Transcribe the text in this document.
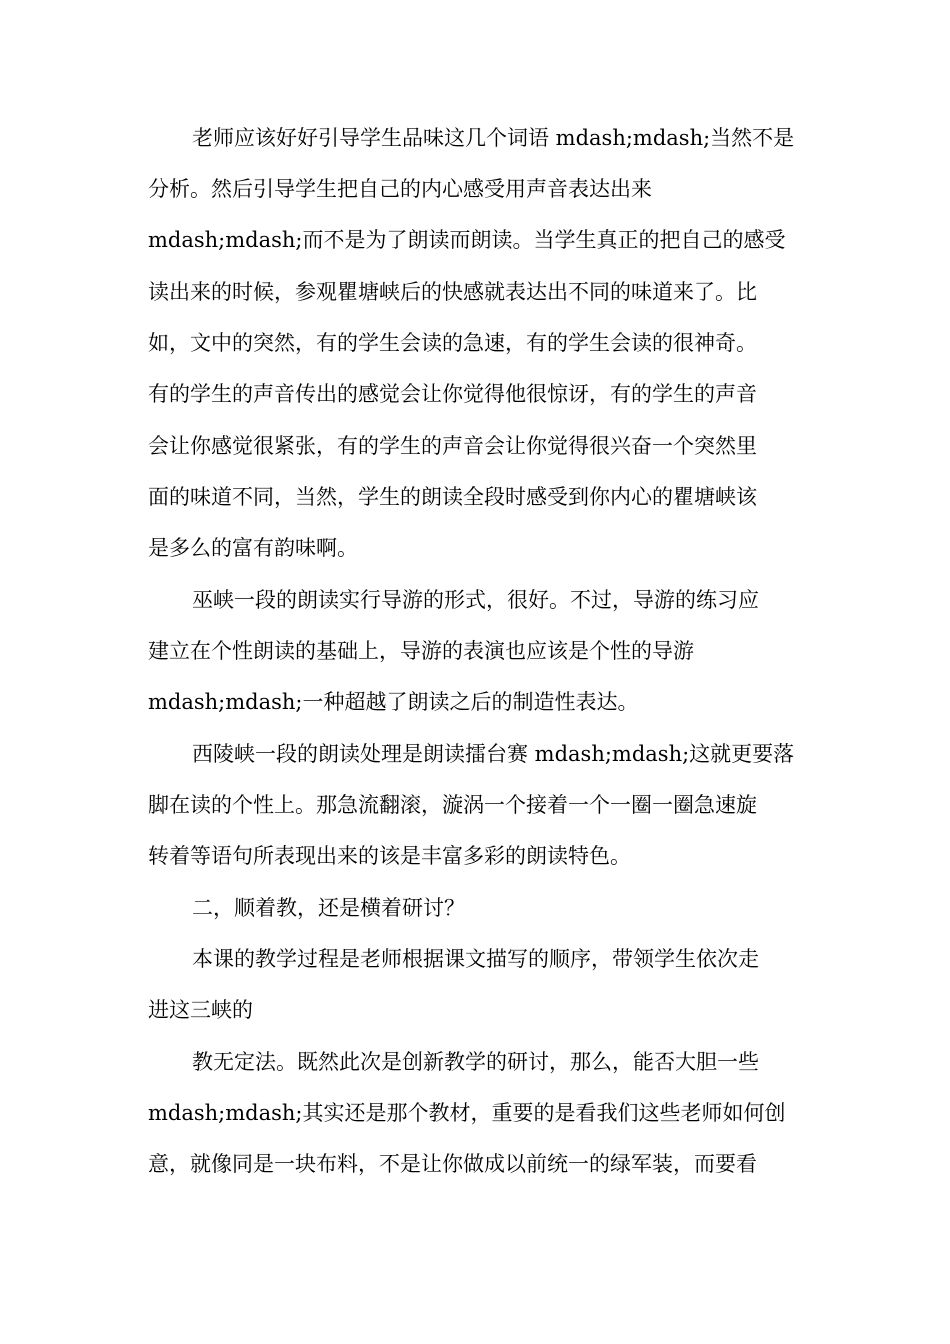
老师应该好好引导学生品味这几个词语 mdash;mdash;当然不是
分析。然后引导学生把自己的内心感受用声音表达出来
mdash;mdash;而不是为了朗读而朗读。当学生真正的把自己的感受
读出来的时候，参观瞿塘峡后的快感就表达出不同的味道来了。比
如，文中的突然，有的学生会读的急速，有的学生会读的很神奇。
有的学生的声音传出的感觉会让你觉得他很惊讶，有的学生的声音
会让你感觉很紧张，有的学生的声音会让你觉得很兴奋一个突然里
面的味道不同，当然，学生的朗读全段时感受到你内心的瞿塘峡该
是多么的富有韵味啊。
巫峡一段的朗读实行导游的形式，很好。不过，导游的练习应
建立在个性朗读的基础上，导游的表演也应该是个性的导游
mdash;mdash;一种超越了朗读之后的制造性表达。
西陵峡一段的朗读处理是朗读擂台赛 mdash;mdash;这就更要落
脚在读的个性上。那急流翻滚，漩涡一个接着一个一圈一圈急速旋
转着等语句所表现出来的该是丰富多彩的朗读特色。
二，顺着教，还是横着研讨？
本课的教学过程是老师根据课文描写的顺序，带领学生依次走
进这三峡的
教无定法。既然此次是创新教学的研讨，那么，能否大胆一些
mdash;mdash;其实还是那个教材，重要的是看我们这些老师如何创
意，就像同是一块布料，不是让你做成以前统一的绿军装，而要看
